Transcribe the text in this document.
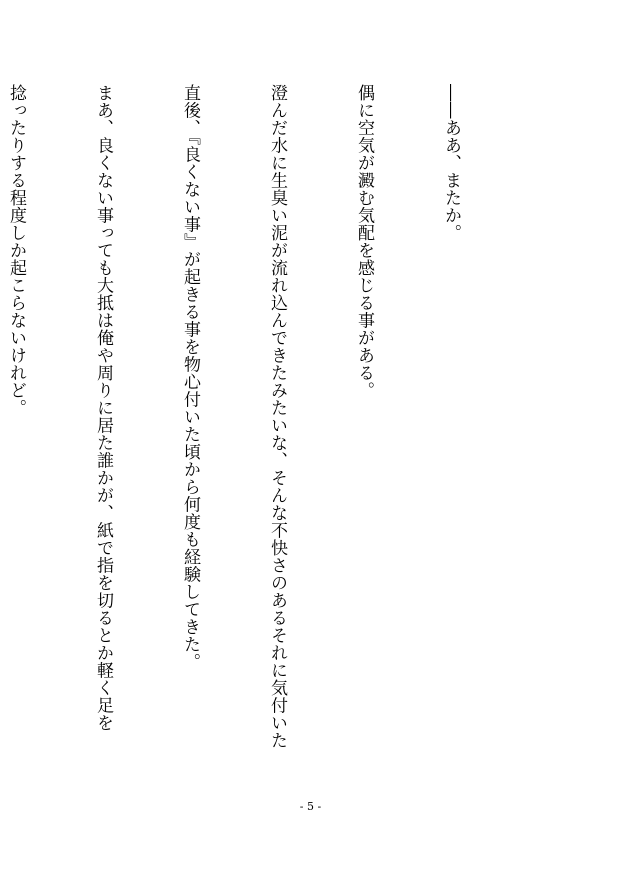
――ああ、またか。

偶に空気が澱む気配を感じる事がある。

澄んだ水に生臭い泥が流れ込んできたみたいな、そんな不快さのあるそれに気付いた

直後、『良くない事』が起きる事を物心付いた頃から何度も経験してきた。

まあ、良くない事っても大抵は俺や周りに居た誰かが、紙で指を切るとか軽く足を

捻ったりする程度しか起こらないけれど。

- 5 -
